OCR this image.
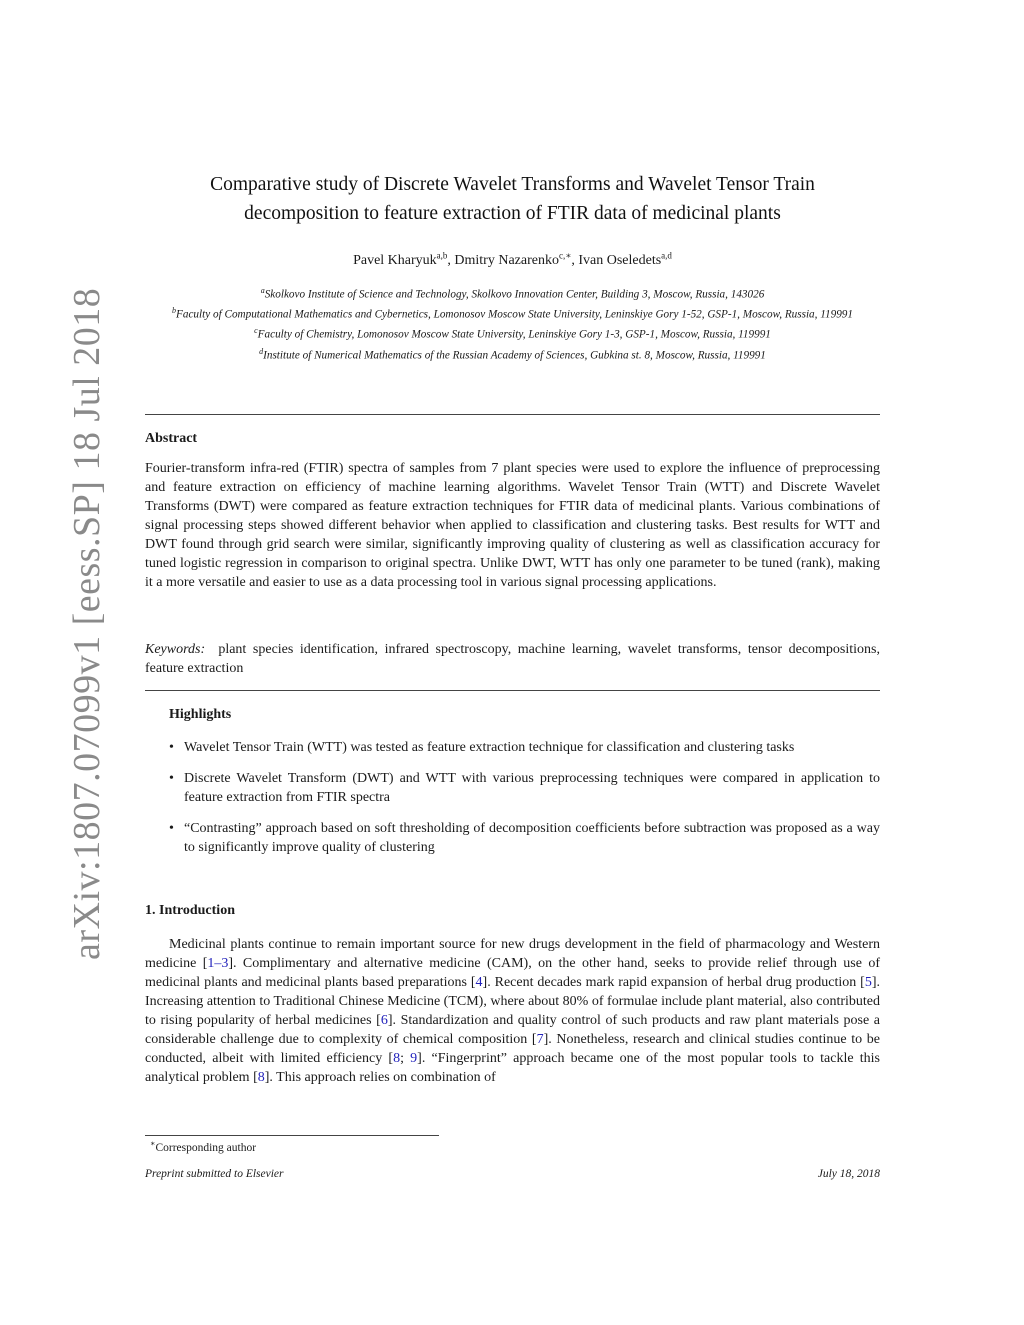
arXiv:1807.07099v1 [eess.SP] 18 Jul 2018
Comparative study of Discrete Wavelet Transforms and Wavelet Tensor Train
decomposition to feature extraction of FTIR data of medicinal plants
Pavel Kharyuk$^{a,b}$, Dmitry Nazarenko$^{c,∗}$, Ivan Oseledets$^{a,d}$
$^a$Skolkovo Institute of Science and Technology, Skolkovo Innovation Center, Building 3, Moscow, Russia, 143026
$^b$Faculty of Computational Mathematics and Cybernetics, Lomonosov Moscow State University, Leninskiye Gory 1-52, GSP-1, Moscow, Russia, 119991
$^c$Faculty of Chemistry, Lomonosov Moscow State University, Leninskiye Gory 1-3, GSP-1, Moscow, Russia, 119991
$^d$Institute of Numerical Mathematics of the Russian Academy of Sciences, Gubkina st. 8, Moscow, Russia, 119991
Abstract
Fourier-transform infra-red (FTIR) spectra of samples from 7 plant species were used to explore the influence of preprocessing and feature extraction on efficiency of machine learning algorithms. Wavelet Tensor Train (WTT) and Discrete Wavelet Transforms (DWT) were compared as feature extraction techniques for FTIR data of medicinal plants. Various combinations of signal processing steps showed different behavior when applied to classification and clustering tasks. Best results for WTT and DWT found through grid search were similar, significantly improving quality of clustering as well as classification accuracy for tuned logistic regression in comparison to original spectra. Unlike DWT, WTT has only one parameter to be tuned (rank), making it a more versatile and easier to use as a data processing tool in various signal processing applications.
Keywords: plant species identification, infrared spectroscopy, machine learning, wavelet transforms, tensor decompositions, feature extraction
Highlights
• Wavelet Tensor Train (WTT) was tested as feature extraction technique for classification and clustering tasks
• Discrete Wavelet Transform (DWT) and WTT with various preprocessing techniques were compared in application to feature extraction from FTIR spectra
• “Contrasting” approach based on soft thresholding of decomposition coefficients before subtraction was proposed as a way to significantly improve quality of clustering
1. Introduction
Medicinal plants continue to remain important source for new drugs development in the field of pharmacology and Western medicine [1–3]. Complimentary and alternative medicine (CAM), on the other hand, seeks to provide relief through use of medicinal plants and medicinal plants based preparations [4]. Recent decades mark rapid expansion of herbal drug production [5]. Increasing attention to Traditional Chinese Medicine (TCM), where about 80% of formulae include plant material, also contributed to rising popularity of herbal medicines [6]. Standardization and quality control of such products and raw plant materials pose a considerable challenge due to complexity of chemical composition [7]. Nonetheless, research and clinical studies continue to be conducted, albeit with limited efficiency [8; 9]. “Fingerprint” approach became one of the most popular tools to tackle this analytical problem [8]. This approach relies on combination of
∗Corresponding author
Preprint submitted to Elsevier	July 18, 2018
